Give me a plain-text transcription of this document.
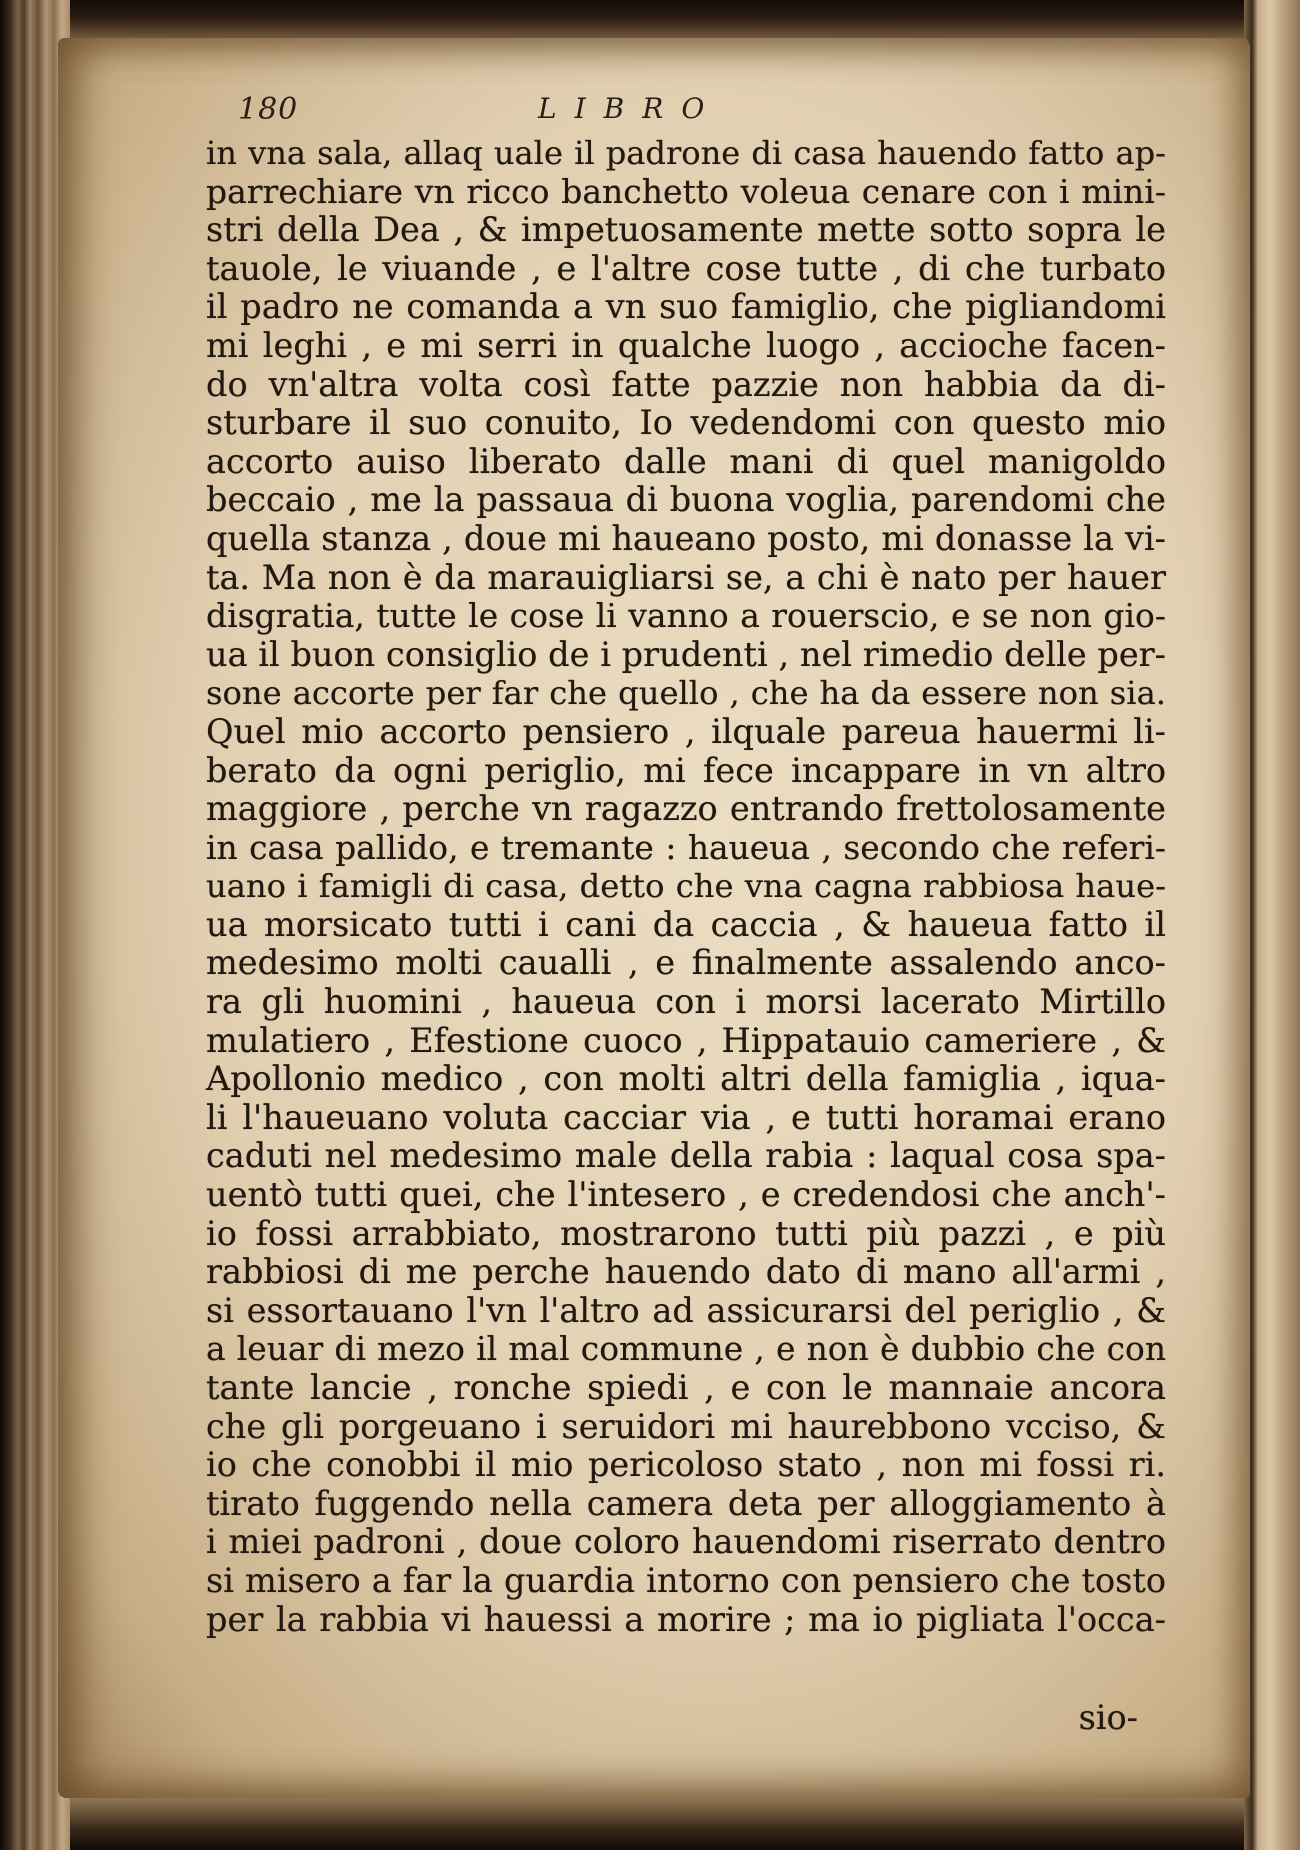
180	LIBRO
in vna sala, allaq uale il padrone di casa hauendo fatto ap-
parrechiare vn ricco banchetto voleua cenare con i mini-
stri della Dea , & impetuosamente mette sotto sopra le
tauole, le viuande , e l'altre cose tutte , di che turbato
il padro ne comanda a vn suo famiglio, che pigliandomi
mi leghi , e mi serri in qualche luogo , accioche facen-
do vn'altra volta così fatte pazzie non habbia da di-
sturbare il suo conuito, Io vedendomi con questo mio
accorto auiso liberato dalle mani di quel manigoldo
beccaio , me la passaua di buona voglia, parendomi che
quella stanza , doue mi haueano posto, mi donasse la vi-
ta. Ma non è da marauigliarsi se, a chi è nato per hauer
disgratia, tutte le cose li vanno a rouerscio, e se non gio-
ua il buon consiglio de i prudenti , nel rimedio delle per-
sone accorte per far che quello , che ha da essere non sia.
Quel mio accorto pensiero , ilquale pareua hauermi li-
berato da ogni periglio, mi fece incappare in vn altro
maggiore , perche vn ragazzo entrando frettolosamente
in casa pallido, e tremante : haueua , secondo che referi-
uano i famigli di casa, detto che vna cagna rabbiosa haue-
ua morsicato tutti i cani da caccia , & haueua fatto il
medesimo molti caualli , e finalmente assalendo anco-
ra gli huomini , haueua con i morsi lacerato Mirtillo
mulatiero , Efestione cuoco , Hippatauio cameriere , &
Apollonio medico , con molti altri della famiglia , iqua-
li l'haueuano voluta cacciar via , e tutti horamai erano
caduti nel medesimo male della rabia : laqual cosa spa-
uentò tutti quei, che l'intesero , e credendosi che anch'-
io fossi arrabbiato, mostrarono tutti più pazzi , e più
rabbiosi di me perche hauendo dato di mano all'armi ,
si essortauano l'vn l'altro ad assicurarsi del periglio , &
a leuar di mezo il mal commune , e non è dubbio che con
tante lancie , ronche spiedi , e con le mannaie ancora
che gli porgeuano i seruidori mi haurebbono vcciso, &
io che conobbi il mio pericoloso stato , non mi fossi ri.
tirato fuggendo nella camera deta per alloggiamento à
i miei padroni , doue coloro hauendomi riserrato dentro
si misero a far la guardia intorno con pensiero che tosto
per la rabbia vi hauessi a morire ; ma io pigliata l'occa-
sio-
